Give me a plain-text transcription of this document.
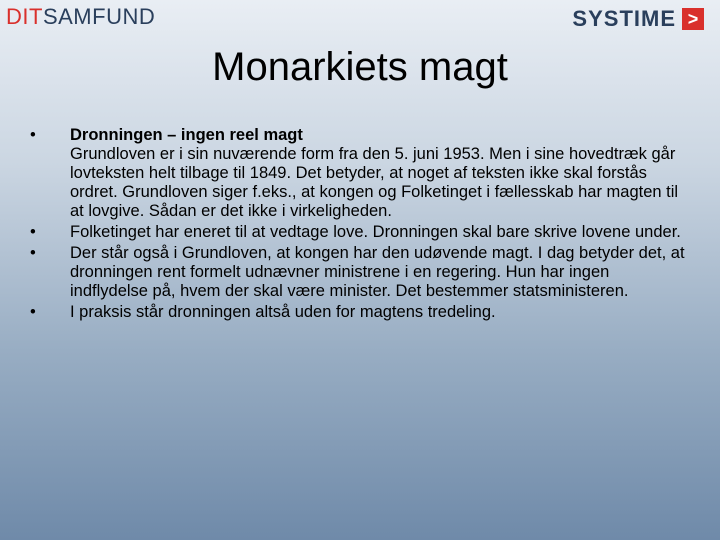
DITSAMFUND	SYSTIME >
Monarkiets magt
• Dronningen – ingen reel magt
Grundloven er i sin nuværende form fra den 5. juni 1953. Men i sine hovedtræk går lovteksten helt tilbage til 1849. Det betyder, at noget af teksten ikke skal forstås ordret. Grundloven siger f.eks., at kongen og Folketinget i fællesskab har magten til at lovgive. Sådan er det ikke i virkeligheden.
• Folketinget har eneret til at vedtage love. Dronningen skal bare skrive lovene under.
• Der står også i Grundloven, at kongen har den udøvende magt. I dag betyder det, at dronningen rent formelt udnævner ministrene i en regering. Hun har ingen indflydelse på, hvem der skal være minister. Det bestemmer statsministeren.
• I praksis står dronningen altså uden for magtens tredeling.
